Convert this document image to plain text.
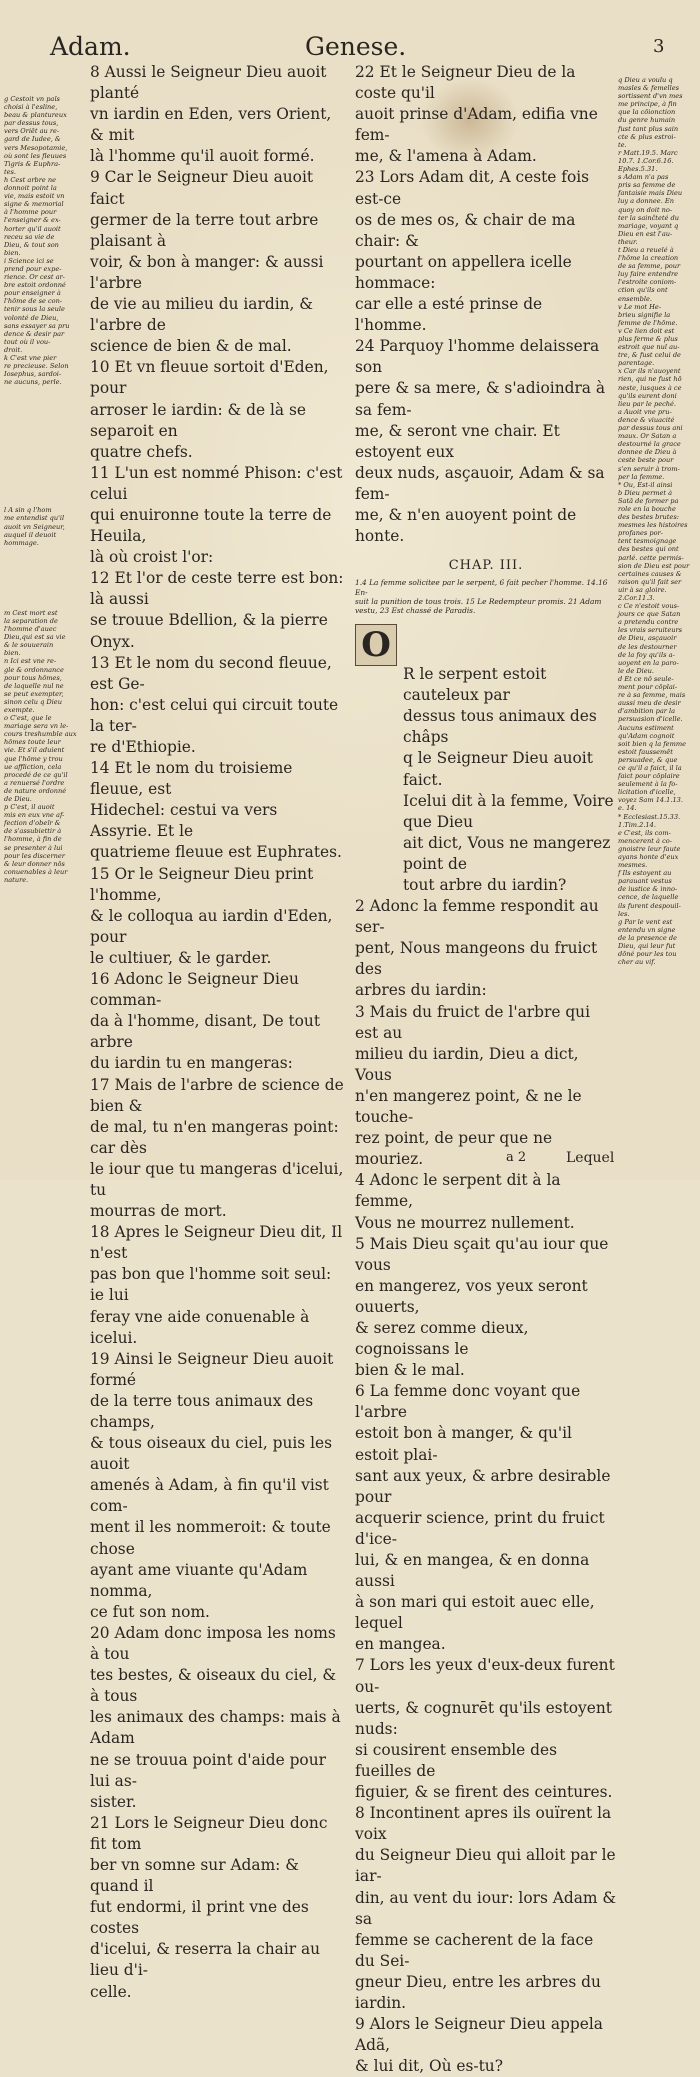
Adam.	Genese.	3

g Cestoit vn païs
choisi à l'esline,
beau & plantureux
par dessus tous,
vers Oriēt au re-
gard de Iudee, &
vers Mesopotamie,
où sont les fleuues
Tigris & Euphra-
tes.
h Cest arbre ne
donnoit point la
vie, mais estoit vn
signe & memorial
à l'homme pour
l'enseigner & ex-
horter qu'il auoit
receu sa vie de
Dieu, & tout son
bien.
i Science ici se
prend pour expe-
rience. Or cest ar-
bre estoit ordonné
pour enseigner à
l'hōme de se con-
tenir sous la seule
volonté de Dieu,
sans essayer sa pru
dence & desir par
tout où il vou-
droit.
k C'est vne pier
re precieuse. Selon
Iosephus, sardoi-
ne aucuns, perle.

l A sin q l'hom
me entendist qu'il
auoit vn Seigneur,
auquel il deuoit
hommage.

m Cest mort est
la separation de
l'homme d'auec
Dieu,qui est sa vie
& le souuerain
bien.
n Ici est vne re-
gle & ordonnance
pour tous hōmes,
de laquelle nul ne
se peut exempter,
sinon celu q Dieu
exempte.
o C'est, que le
mariage sera vn le-
cours treshumble aux
hōmes toute leur
vie. Et s'il aduient
que l'hōme y trou
ue affliction, cela
procedé de ce qu'il
a renuersé l'ordre
de nature ordonné
de Dieu.
p C'est, il auoit
mis en eux vne af-
fection d'obeïr &
de s'assubiettir à
l'homme, à fin de
se presenter à lui
pour les discerner
& leur donner nōs
conuenables à leur
nature.

q Dieu a voulu q
masles & femelles
sortissent d'vn mes
me principe, à fin
que la cōionction
du genre humain
fust tant plus sain
cte & plus estroi-
te.

r Matt.19.5. Marc
10.7. 1.Cor.6.16.
Ephes.5.31.

s Adam n'a pas
pris sa femme de
fantaisie mais Dieu
luy a donnee. En
quoy on doit no-
ter la sainčteté du
mariage, voyant q
Dieu en est l'au-
theur.

t Dieu a reuelé à
l'hōme la creation
de sa femme, pour
luy faire entendre
l'estroite coniom-
ction qu'ils ont
ensemble.

v Le mot He-
brieu signifie la
femme de l'hōme.

v Ce lien doit est
plus ferme & plus
estroit que nul au-
tre, & fust celui de
parentage.

x Car ils n'auoyent
rien, qui ne fust hō
neste, iusques à ce
qu'ils eurent doni
lieu par le peché.

a Auoit vne pru-
dence & viuacité
par dessus tous ani
maux. Or Satan a
destourné la grace
donnee de Dieu à
ceste beste pour
s'en seruir à trom-
per la femme.

* Ou, Est-il ainsi

b Dieu permet à
Satā de former pa
role en la bouche
des bestes brutes:
mesmes les histoires
profanes por-
tent tesmoignage
des bestes qui ont
parlé. cette permis-
sion de Dieu est pour
certaines causes &
raison qu'il fait ser
uir à sa gloire.

2.Cor.11.3.

c Ce n'estoit vous-
jours ce que Satan
a pretendu contre
les vrais seruiteurs
de Dieu, asçauoir
de les destourner
de la foy qu'ils a-
uoyent en la paro-
le de Dieu.

d Et ce nō seule-
ment pour cōplai-
re à sa femme, mais
aussi meu de desir
d'ambition par la
persuasion d'icelle.
Aucuns estiment
qu'Adam cognoit
soit bien q la femme
estoit faussemēt
persuadee, & que
ce qu'il a faict, il la
faict pour cōplaire
seulement à la fo-
licitation d'icelle,
voyez Sam 14.1.13.
e. 14.

* Ecclesiast.15.33.
1.Tim.2.14.

e C'est, ils com-
mencerent à co-
gnoistre leur faute
ayans honte d'eux
mesmes.

f Ils estoyent au
parauant vestus
de iustice & inno-
cence, de laquelle
ils furent despouil-
les.

g Par le vent est
entendu vn signe
de la presence de
Dieu, qui leur fut
dōné pour les tou
cher au vif.

8 Aussi le Seigneur Dieu auoit planté
vn iardin en Eden, vers Orient, & mit
là l'homme qu'il auoit formé.

9 Car le Seigneur Dieu auoit faict
germer de la terre tout arbre plaisant à
voir, & bon à manger: & aussi l'arbre
de vie au milieu du iardin, & l'arbre de
science de bien & de mal.

10 Et vn fleuue sortoit d'Eden, pour
arroser le iardin: & de là se separoit en
quatre chefs.

11 L'un est nommé Phison: c'est celui
qui enuironne toute la terre de Heuila,
là où croist l'or:

12 Et l'or de ceste terre est bon: là aussi
se trouue Bdellion, & la pierre Onyx.

13 Et le nom du second fleuue, est Ge-
hon: c'est celui qui circuit toute la ter-
re d'Ethiopie.

14 Et le nom du troisieme fleuue, est
Hidechel: cestui va vers Assyrie. Et le
quatrieme fleuue est Euphrates.

15 Or le Seigneur Dieu print l'homme,
& le colloqua au iardin d'Eden, pour
le cultiuer, & le garder.

16 Adonc le Seigneur Dieu comman-
da à l'homme, disant, De tout arbre
du iardin tu en mangeras:

17 Mais de l'arbre de science de bien &
de mal, tu n'en mangeras point: car dès
le iour que tu mangeras d'icelui, tu
mourras de mort.

18 Apres le Seigneur Dieu dit, Il n'est
pas bon que l'homme soit seul: ie lui
feray vne aide conuenable à icelui.

19 Ainsi le Seigneur Dieu auoit formé
de la terre tous animaux des champs,
& tous oiseaux du ciel, puis les auoit
amenés à Adam, à fin qu'il vist com-
ment il les nommeroit: & toute chose
ayant ame viuante qu'Adam nomma,
ce fut son nom.

20 Adam donc imposa les noms à tou
tes bestes, & oiseaux du ciel, & à tous
les animaux des champs: mais à Adam
ne se trouua point d'aide pour lui as-
sister.

21 Lors le Seigneur Dieu donc fit tom
ber vn somne sur Adam: & quand il
fut endormi, il print vne des costes
d'icelui, & reserra la chair au lieu d'i-
celle.

22 Et le Seigneur Dieu de la coste qu'il
auoit prinse d'Adam, edifia vne fem-
me, & l'amena à Adam.

23 Lors Adam dit, A ceste fois est-ce
os de mes os, & chair de ma chair: &
pourtant on appellera icelle hommace:
car elle a esté prinse de l'homme.

24 Parquoy l'homme delaissera son
pere & sa mere, & s'adioindra à sa fem-
me, & seront vne chair. Et estoyent eux
deux nuds, asçauoir, Adam & sa fem-
me, & n'en auoyent point de honte.

CHAP. III.

1.4 La femme solicitee par le serpent, 6 fait pecher l'homme. 14.16 En-
suit la punition de tous trois. 15 Le Redempteur promis. 21 Adam
vestu, 23 Est chassé de Paradis.

O

R le serpent estoit cauteleux par
dessus tous animaux des châps
q le Seigneur Dieu auoit faict.
Icelui dit à la femme, Voire que Dieu
ait dict, Vous ne mangerez point de
tout arbre du iardin?

2 Adonc la femme respondit au ser-
pent, Nous mangeons du fruict des
arbres du iardin:

3 Mais du fruict de l'arbre qui est au
milieu du iardin, Dieu a dict, Vous
n'en mangerez point, & ne le touche-
rez point, de peur que ne mouriez.

4 Adonc le serpent dit à la femme,
Vous ne mourrez nullement.

5 Mais Dieu sçait qu'au iour que vous
en mangerez, vos yeux seront ouuerts,
& serez comme dieux, cognoissans le
bien & le mal.

6 La femme donc voyant que l'arbre
estoit bon à manger, & qu'il estoit plai-
sant aux yeux, & arbre desirable pour
acquerir science, print du fruict d'ice-
lui, & en mangea, & en donna aussi
à son mari qui estoit auec elle, lequel
en mangea.

7 Lors les yeux d'eux-deux furent ou-
uerts, & cognurēt qu'ils estoyent nuds:
si cousirent ensemble des fueilles de
figuier, & se firent des ceintures.

8 Incontinent apres ils ouïrent la voix
du Seigneur Dieu qui alloit par le iar-
din, au vent du iour: lors Adam & sa
femme se cacherent de la face du Sei-
gneur Dieu, entre les arbres du iardin.

9 Alors le Seigneur Dieu appela Adã,
& lui dit, Où es-tu?

a 2	Lequel
